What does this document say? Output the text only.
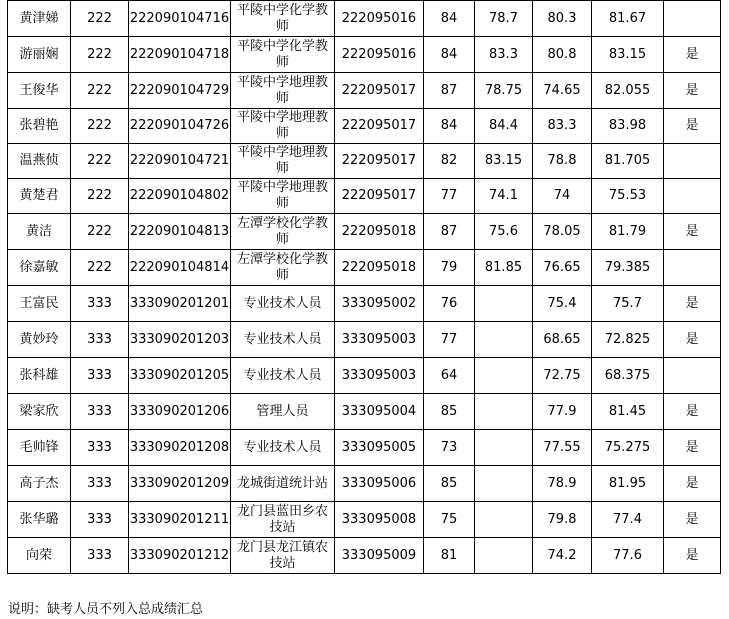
黄津娣	222	222090104716	平陵中学化学教师	222095016	84	78.7	80.3	81.67	
游丽娴	222	222090104718	平陵中学化学教师	222095016	84	83.3	80.8	83.15	是
王俊华	222	222090104729	平陵中学地理教师	222095017	87	78.75	74.65	82.055	是
张碧艳	222	222090104726	平陵中学地理教师	222095017	84	84.4	83.3	83.98	是
温燕侦	222	222090104721	平陵中学地理教师	222095017	82	83.15	78.8	81.705	
黄楚君	222	222090104802	平陵中学地理教师	222095017	77	74.1	74	75.53	
黄洁	222	222090104813	左潭学校化学教师	222095018	87	75.6	78.05	81.79	是
徐嘉敏	222	222090104814	左潭学校化学教师	222095018	79	81.85	76.65	79.385	
王富民	333	333090201201	专业技术人员	333095002	76		75.4	75.7	是
黄妙玲	333	333090201203	专业技术人员	333095003	77		68.65	72.825	是
张科雄	333	333090201205	专业技术人员	333095003	64		72.75	68.375	
梁家欣	333	333090201206	管理人员	333095004	85		77.9	81.45	是
毛帅锋	333	333090201208	专业技术人员	333095005	73		77.55	75.275	是
高子杰	333	333090201209	龙城街道统计站	333095006	85		78.9	81.95	是
张华璐	333	333090201211	龙门县蓝田乡农技站	333095008	75		79.8	77.4	是
向荣	333	333090201212	龙门县龙江镇农技站	333095009	81		74.2	77.6	是
说明：缺考人员不列入总成绩汇总
